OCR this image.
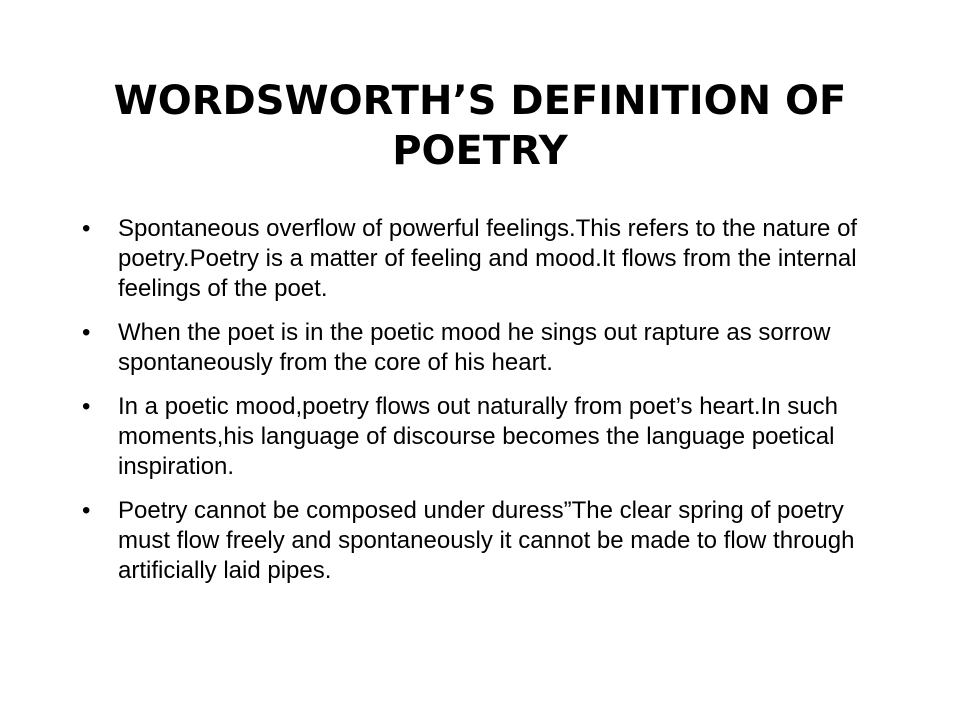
WORDSWORTH’S DEFINITION OF POETRY
•	Spontaneous overflow of powerful feelings.This refers to the nature of poetry.Poetry is a matter of feeling and mood.It flows from the internal feelings of the poet.
•	When the poet is in the poetic mood he sings out rapture as sorrow spontaneously from the core of his heart.
•	In a poetic mood,poetry flows out naturally from poet’s heart.In such moments,his language of discourse becomes the language poetical inspiration.
•	Poetry cannot be composed under duress”The clear spring of poetry must flow freely and spontaneously it cannot be made to flow through artificially laid pipes.
